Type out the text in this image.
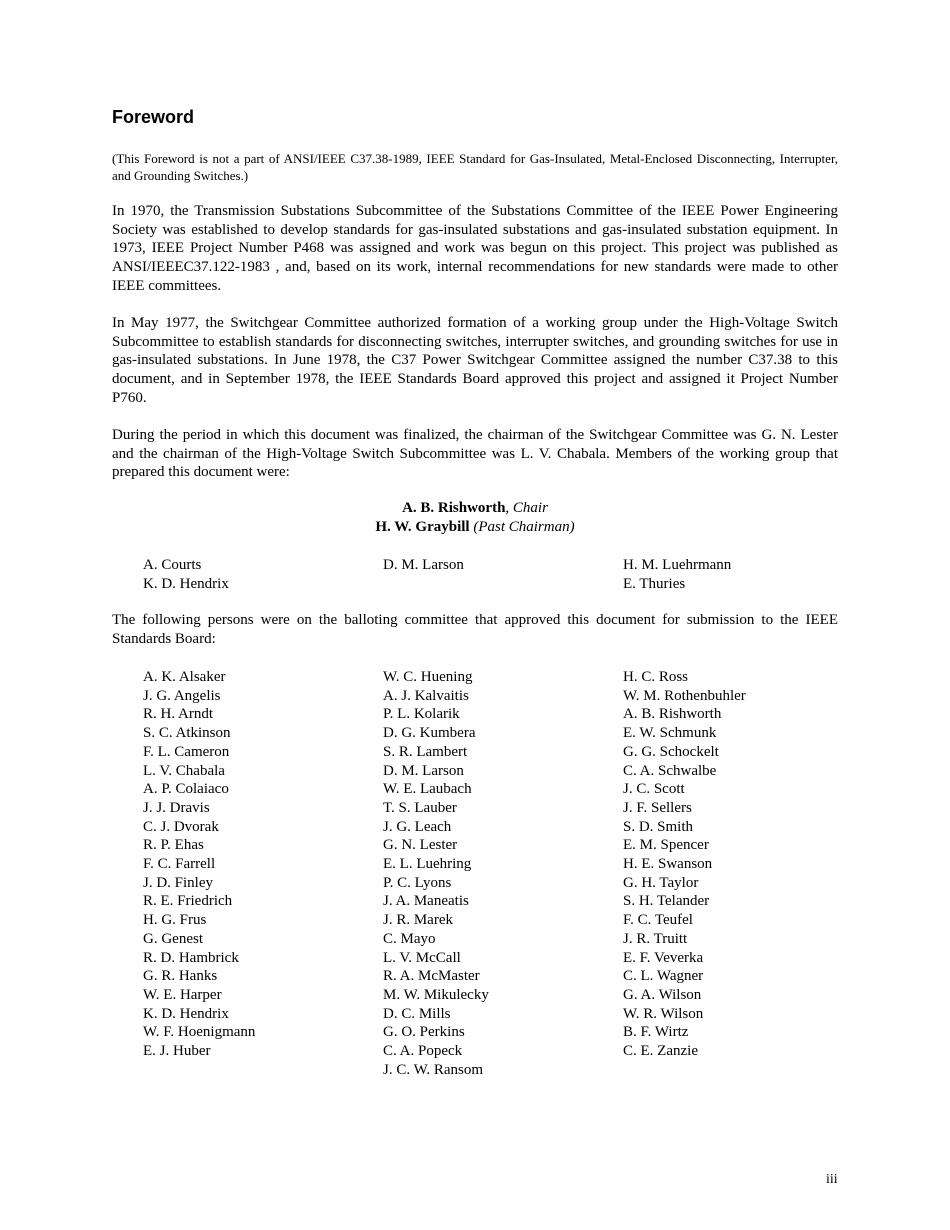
Foreword
(This Foreword is not a part of ANSI/IEEE C37.38-1989, IEEE Standard for Gas-Insulated, Metal-Enclosed Disconnecting, Interrupter, and Grounding Switches.)
In 1970, the Transmission Substations Subcommittee of the Substations Committee of the IEEE Power Engineering Society was established to develop standards for gas-insulated substations and gas-insulated substation equipment. In 1973, IEEE Project Number P468 was assigned and work was begun on this project. This project was published as ANSI/IEEEC37.122-1983 , and, based on its work, internal recommendations for new standards were made to other IEEE committees.
In May 1977, the Switchgear Committee authorized formation of a working group under the High-Voltage Switch Subcommittee to establish standards for disconnecting switches, interrupter switches, and grounding switches for use in gas-insulated substations. In June 1978, the C37 Power Switchgear Committee assigned the number C37.38 to this document, and in September 1978, the IEEE Standards Board approved this project and assigned it Project Number P760.
During the period in which this document was finalized, the chairman of the Switchgear Committee was G. N. Lester and the chairman of the High-Voltage Switch Subcommittee was L. V. Chabala. Members of the working group that prepared this document were:
A. B. Rishworth, Chair
H. W. Graybill (Past Chairman)
A. Courts
K. D. Hendrix
D. M. Larson	H. M. Luehrmann
E. Thuries
The following persons were on the balloting committee that approved this document for submission to the IEEE Standards Board:
A. K. Alsaker
J. G. Angelis
R. H. Arndt
S. C. Atkinson
F. L. Cameron
L. V. Chabala
A. P. Colaiaco
J. J. Dravis
C. J. Dvorak
R. P. Ehas
F. C. Farrell
J. D. Finley
R. E. Friedrich
H. G. Frus
G. Genest
R. D. Hambrick
G. R. Hanks
W. E. Harper
K. D. Hendrix
W. F. Hoenigmann
E. J. Huber
W. C. Huening
A. J. Kalvaitis
P. L. Kolarik
D. G. Kumbera
S. R. Lambert
D. M. Larson
W. E. Laubach
T. S. Lauber
J. G. Leach
G. N. Lester
E. L. Luehring
P. C. Lyons
J. A. Maneatis
J. R. Marek
C. Mayo
L. V. McCall
R. A. McMaster
M. W. Mikulecky
D. C. Mills
G. O. Perkins
C. A. Popeck
J. C. W. Ransom
H. C. Ross
W. M. Rothenbuhler
A. B. Rishworth
E. W. Schmunk
G. G. Schockelt
C. A. Schwalbe
J. C. Scott
J. F. Sellers
S. D. Smith
E. M. Spencer
H. E. Swanson
G. H. Taylor
S. H. Telander
F. C. Teufel
J. R. Truitt
E. F. Veverka
C. L. Wagner
G. A. Wilson
W. R. Wilson
B. F. Wirtz
C. E. Zanzie
iii
